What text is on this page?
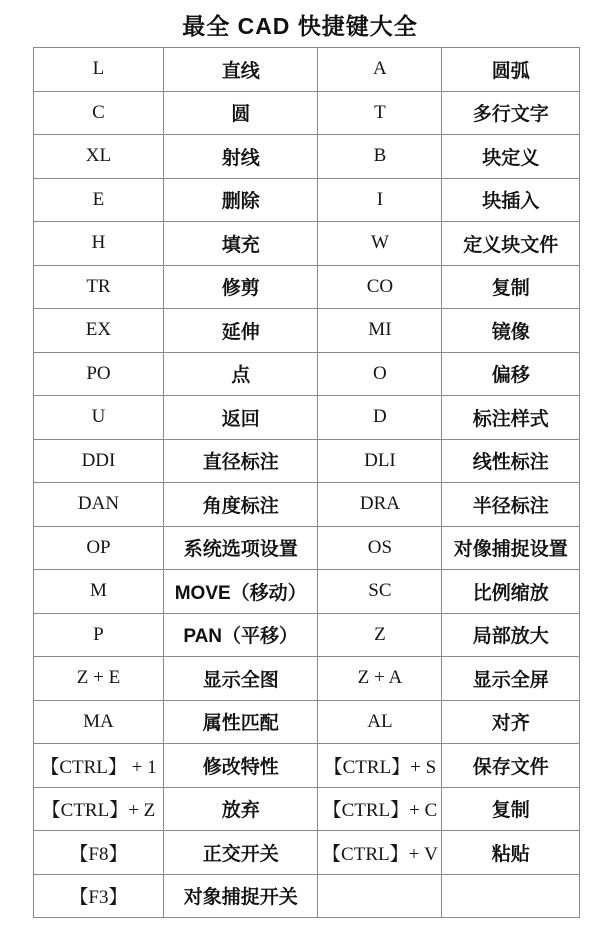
最全 CAD 快捷键大全
L	直线	A	圆弧
C	圆	T	多行文字
XL	射线	B	块定义
E	删除	I	块插入
H	填充	W	定义块文件
TR	修剪	CO	复制
EX	延伸	MI	镜像
PO	点	O	偏移
U	返回	D	标注样式
DDI	直径标注	DLI	线性标注
DAN	角度标注	DRA	半径标注
OP	系统选项设置	OS	对像捕捉设置
M	MOVE（移动）	SC	比例缩放
P	PAN（平移）	Z	局部放大
Z + E	显示全图	Z + A	显示全屏
MA	属性匹配	AL	对齐
【CTRL】 + 1	修改特性	【CTRL】+ S	保存文件
【CTRL】+ Z	放弃	【CTRL】+ C	复制
【F8】	正交开关	【CTRL】+ V	粘贴
【F3】	对象捕捉开关		
